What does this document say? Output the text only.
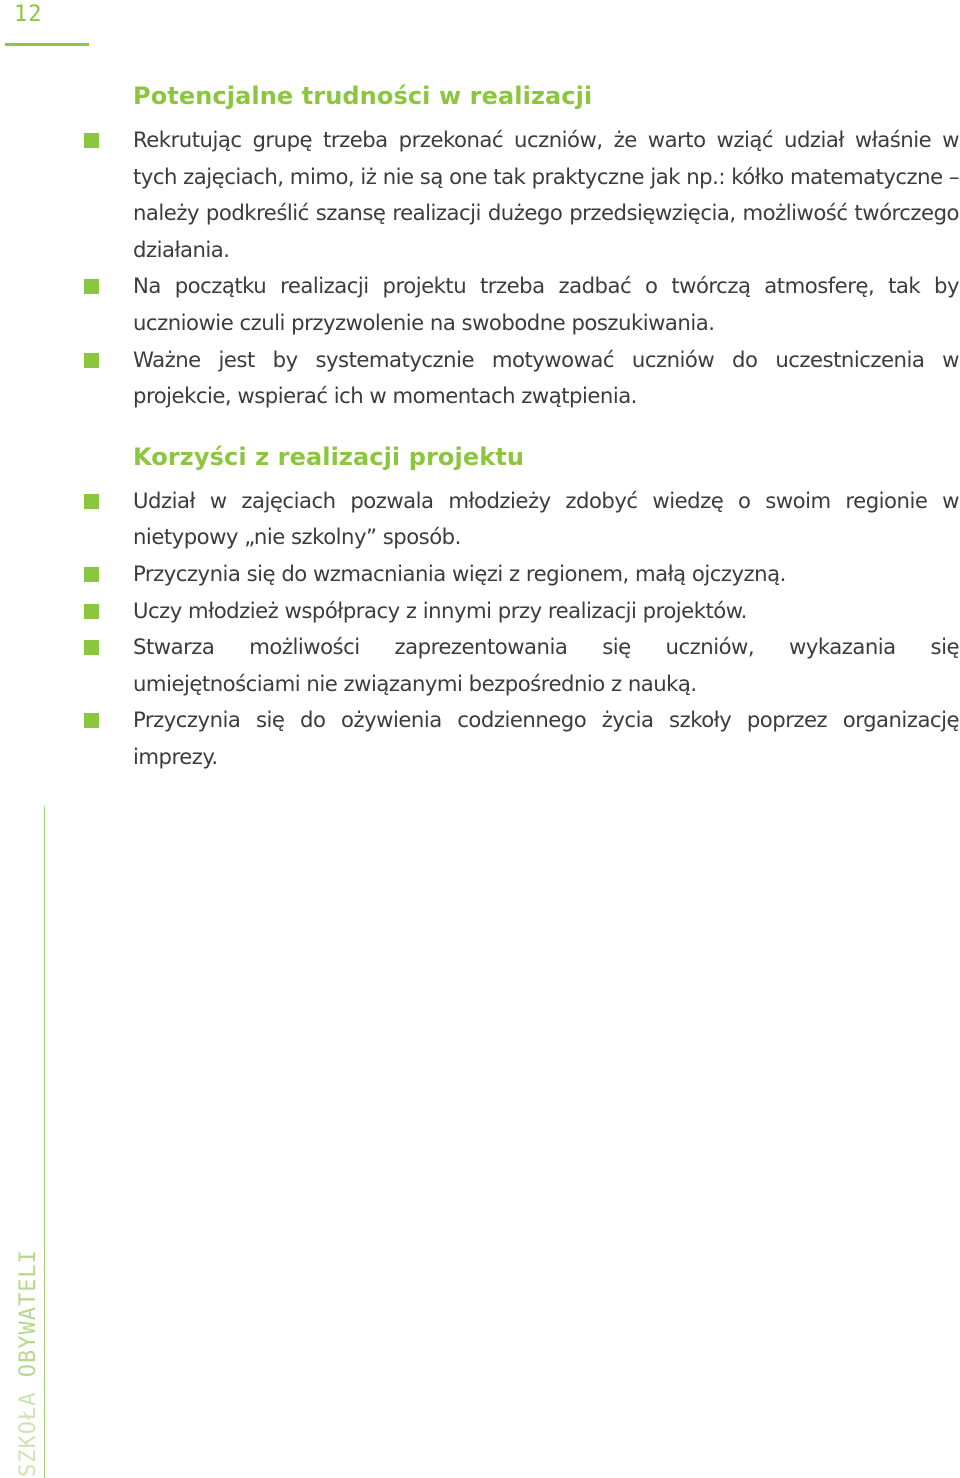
12
Potencjalne trudności w realizacji
Rekrutując grupę trzeba przekonać uczniów, że warto wziąć udział właśnie w tych zajęciach, mimo, iż nie są one tak praktyczne jak np.: kółko matematyczne – należy podkreślić szansę realizacji dużego przedsięwzięcia, możliwość twórczego działania.
Na początku realizacji projektu trzeba zadbać o twórczą atmosferę, tak by uczniowie czuli przyzwolenie na swobodne poszukiwania.
Ważne jest by systematycznie motywować uczniów do uczestniczenia w projekcie, wspierać ich w momentach zwątpienia.
Korzyści z realizacji projektu
Udział w zajęciach pozwala młodzieży zdobyć wiedzę o swoim regionie w nietypowy „nie szkolny” sposób.
Przyczynia się do wzmacniania więzi z regionem, małą ojczyzną.
Uczy młodzież współpracy z innymi przy realizacji projektów.
Stwarza możliwości zaprezentowania się uczniów, wykazania się umiejętnościami nie związanymi bezpośrednio z nauką.
Przyczynia się do ożywienia codziennego życia szkoły poprzez organizację imprezy.
SZKOŁA OBYWATELI
